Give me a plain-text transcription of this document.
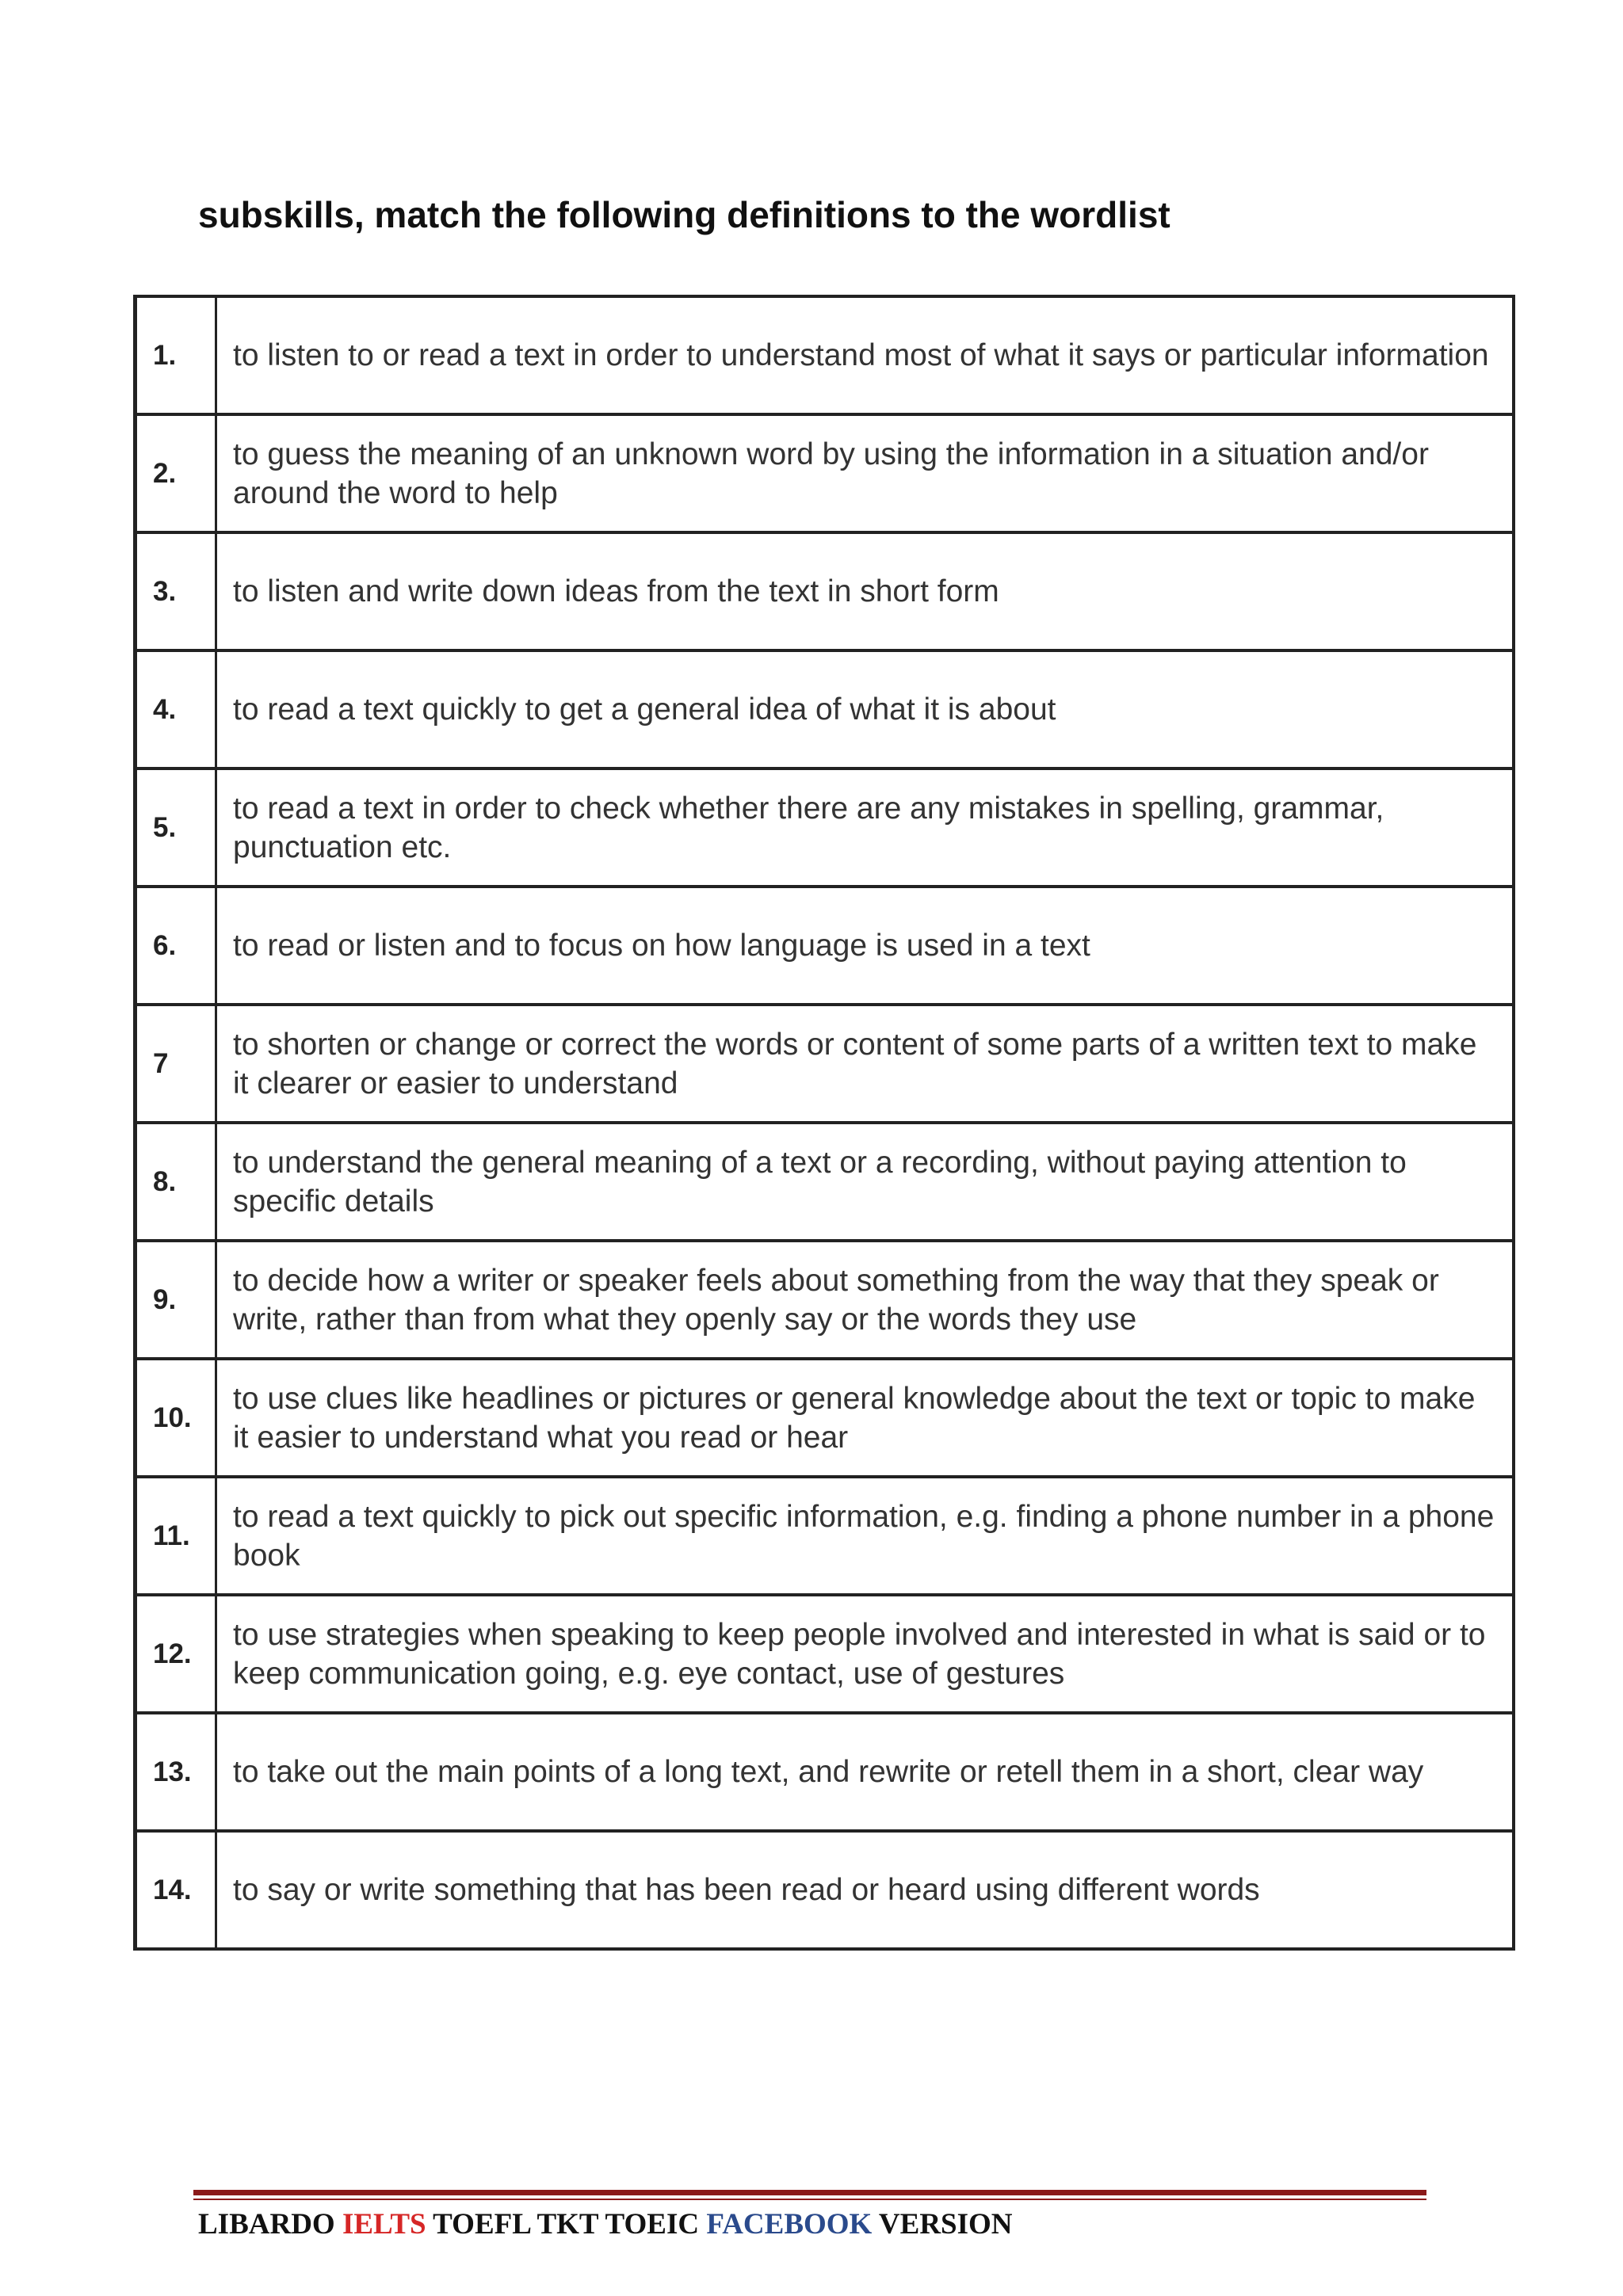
subskills, match the following definitions to the wordlist
1.	to listen to or read a text in order to understand most of what it says or particular information
2.	to guess the meaning of an unknown word by using the information in a situation and/or around the word to help
3.	to listen and write down ideas from the text in short form
4.	to read a text quickly to get a general idea of what it is about
5.	to read a text in order to check whether there are any mistakes in spelling, grammar, punctuation etc.
6.	to read or listen and to focus on how language is used in a text
7	to shorten or change or correct the words or content of some parts of a written text to make it clearer or easier to understand
8.	to understand the general meaning of a text or a recording, without paying attention to specific details
9.	to decide how a writer or speaker feels about something from the way that they speak or write, rather than from what they openly say or the words they use
10.	to use clues like headlines or pictures or general knowledge about the text or topic to make it easier to understand what you read or hear
11.	to read a text quickly to pick out specific information, e.g. finding a phone number in a phone book
12.	to use strategies when speaking to keep people involved and interested in what is said or to keep communication going, e.g. eye contact, use of gestures
13.	to take out the main points of a long text, and rewrite or retell them in a short, clear way
14.	to say or write something that has been read or heard using different words
LIBARDO IELTS TOEFL TKT TOEIC FACEBOOK VERSION
